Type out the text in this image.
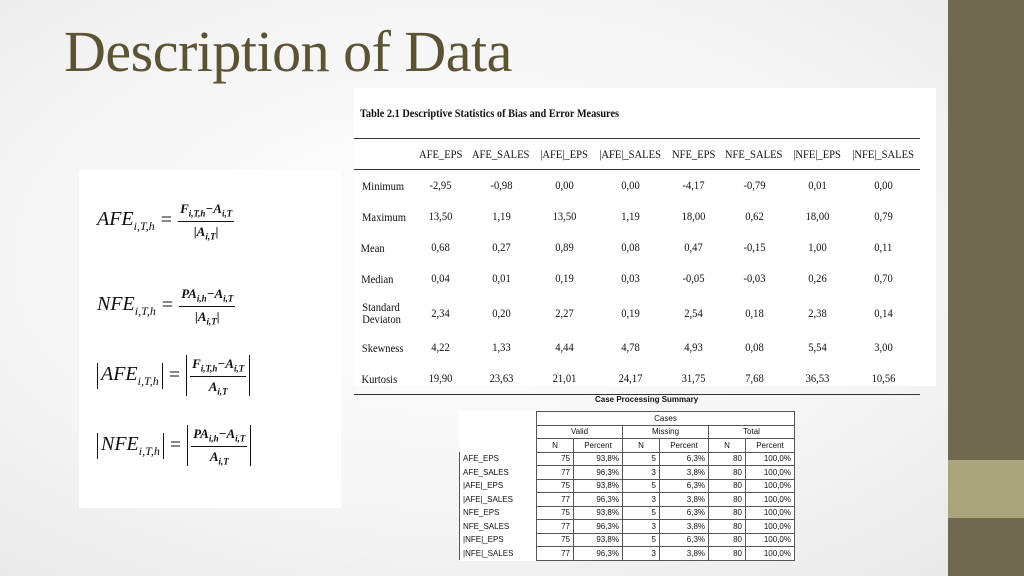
Description of Data
$AFE_{i,T,h} = \frac{F_{i,T,h}-A_{i,T}}{|A_{i,T}|}$
$NFE_{i,T,h} = \frac{PA_{i,h}-A_{i,T}}{|A_{i,T}|}$
$AFE_{i,T,h} = \frac{F_{i,T,h}-A_{i,T}}{A_{i,T}}$
$NFE_{i,T,h} = \frac{PA_{i,h}-A_{i,T}}{A_{i,T}}$
Table 2.1 Descriptive Statistics of Bias and Error Measures
	AFE_EPS	AFE_SALES	|AFE|_EPS	|AFE|_SALES	NFE_EPS	NFE_SALES	|NFE|_EPS	|NFE|_SALES
Minimum	-2,95	-0,98	0,00	0,00	-4,17	-0,79	0,01	0,00
Maximum	13,50	1,19	13,50	1,19	18,00	0,62	18,00	0,79
Mean	0,68	0,27	0,89	0,08	0,47	-0,15	1,00	0,11
Median	0,04	0,01	0,19	0,03	-0,05	-0,03	0,26	0,70
Standard Deviaton	2,34	0,20	2,27	0,19	2,54	0,18	2,38	0,14
Skewness	4,22	1,33	4,44	4,78	4,93	0,08	5,54	3,00
Kurtosis	19,90	23,63	21,01	24,17	31,75	7,68	36,53	10,56
Case Processing Summary
	Cases					
	Valid		Missing		Total	
	N	Percent	N	Percent	N	Percent
AFE_EPS	75	93,8%	5	6,3%	80	100,0%
AFE_SALES	77	96,3%	3	3,8%	80	100,0%
|AFE|_EPS	75	93,8%	5	6,3%	80	100,0%
|AFE|_SALES	77	96,3%	3	3,8%	80	100,0%
NFE_EPS	75	93,8%	5	6,3%	80	100,0%
NFE_SALES	77	96,3%	3	3,8%	80	100,0%
|NFE|_EPS	75	93,8%	5	6,3%	80	100,0%
|NFE|_SALES	77	96,3%	3	3,8%	80	100,0%
